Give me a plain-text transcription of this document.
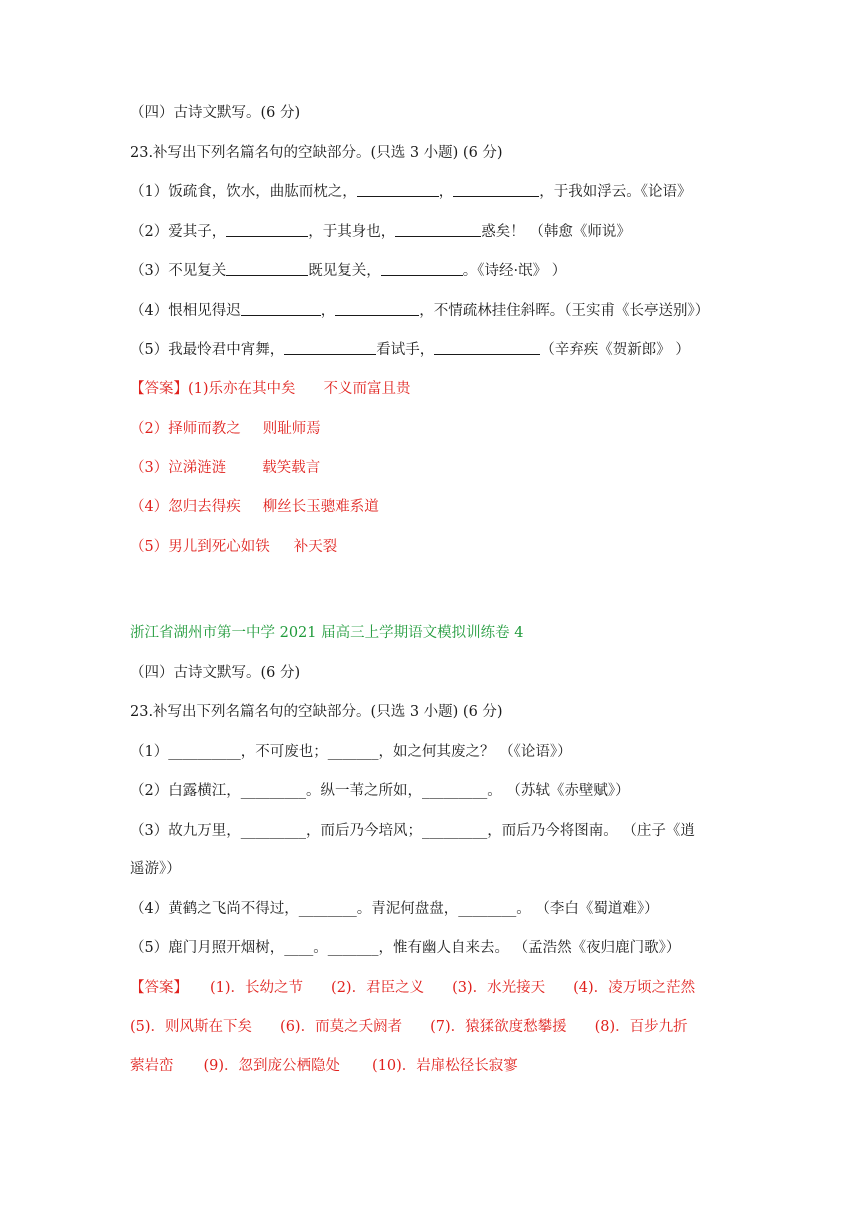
（四）古诗文默写。(6 分)
23.补写出下列名篇名句的空缺部分。(只选 3 小题) (6 分)
（1）饭疏食，饮水，曲肱而枕之，	，	，于我如浮云。《论语》
（2）爱其子，	，于其身也，	惑矣！ （韩愈《师说》
（3）不见复关	既见复关，	。《诗经·氓》 ）
（4）恨相见得迟	，	，不情疏林挂住斜晖。（王实甫《长亭送别》）
（5）我最怜君中宵舞，	看试手，	（辛弃疾《贺新郎》 ）
【答案】(1)乐亦在其中矣 不义而富且贵
（2）择师而教之 则耻师焉
（3）泣涕涟涟 载笑载言
（4）忽归去得疾 柳丝长玉骢难系道
（5）男儿到死心如铁 补天裂
浙江省湖州市第一中学 2021 届高三上学期语文模拟训练卷 4
（四）古诗文默写。(6 分)
23.补写出下列名篇名句的空缺部分。(只选 3 小题) (6 分)
（1）__________，不可废也；_______，如之何其废之？ （《论语》）
（2）白露横江，_________。纵一苇之所如，_________。 （苏轼《赤壁赋》）
（3）故九万里，_________，而后乃今培风；_________，而后乃今将图南。 （庄子《逍
遥游》）
（4）黄鹤之飞尚不得过，________。青泥何盘盘，________。 （李白《蜀道难》）
（5）鹿门月照开烟树，____。_______，惟有幽人自来去。 （孟浩然《夜归鹿门歌》）
【答案】 (1)．长幼之节 (2)．君臣之义 (3)．水光接天 (4)．凌万顷之茫然
(5)．则风斯在下矣 (6)．而莫之夭阏者 (7)．猿猱欲度愁攀援 (8)．百步九折
萦岩峦 (9)．忽到庞公栖隐处 (10)．岩扉松径长寂寥
